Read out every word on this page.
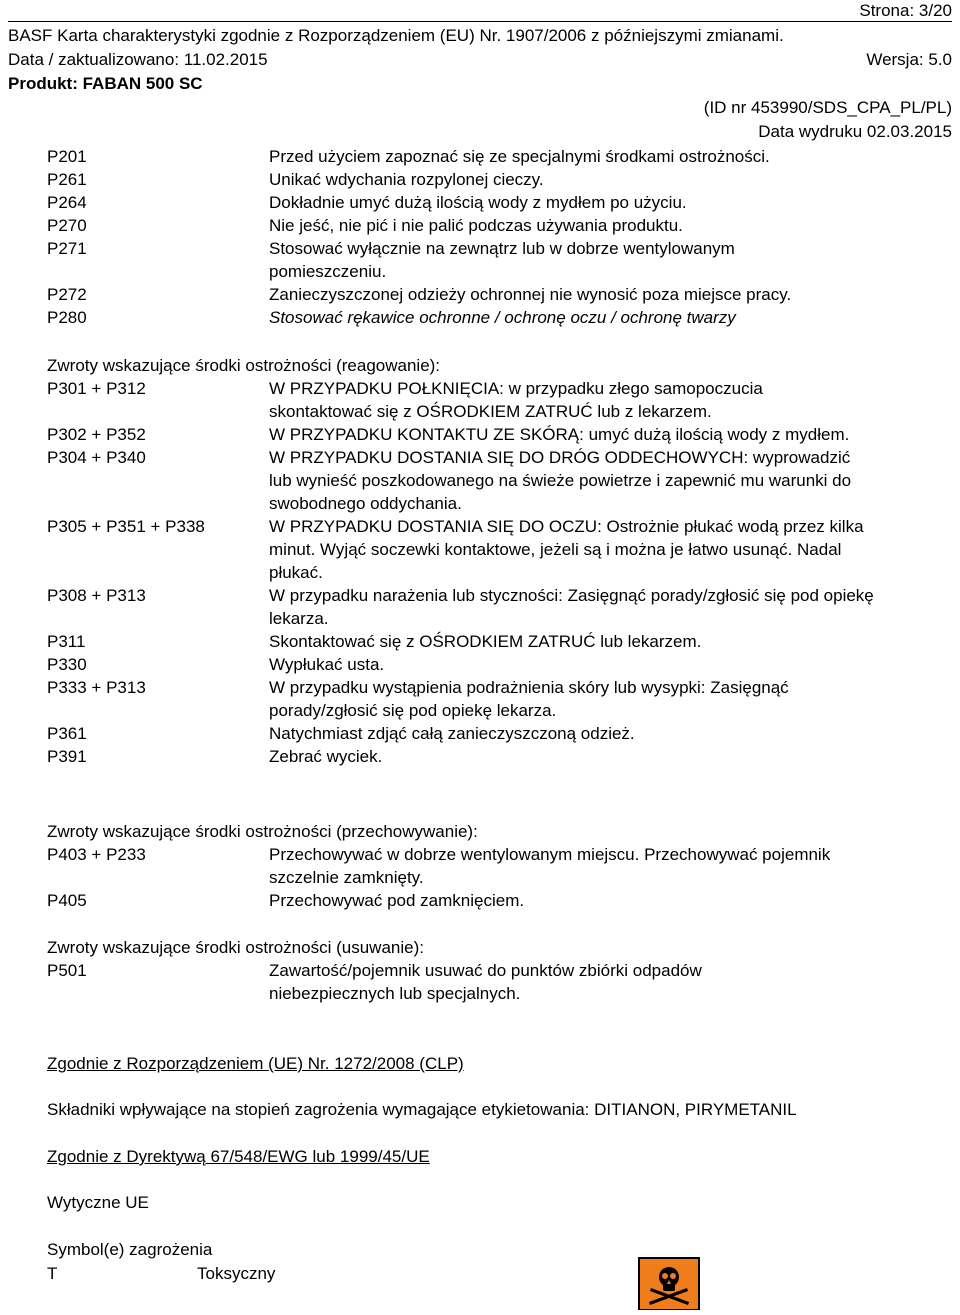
Strona: 3/20
BASF Karta charakterystyki zgodnie z Rozporządzeniem (EU) Nr. 1907/2006 z późniejszymi zmianami.
Data / zaktualizowano: 11.02.2015	Wersja: 5.0
Produkt: FABAN 500 SC
(ID nr 453990/SDS_CPA_PL/PL)
Data wydruku 02.03.2015
P201	Przed użyciem zapoznać się ze specjalnymi środkami ostrożności.
P261	Unikać wdychania rozpylonej cieczy.
P264	Dokładnie umyć dużą ilością wody z mydłem po użyciu.
P270	Nie jeść, nie pić i nie palić podczas używania produktu.
P271	Stosować wyłącznie na zewnątrz lub w dobrze wentylowanym pomieszczeniu.
P272	Zanieczyszczonej odzieży ochronnej nie wynosić poza miejsce pracy.
P280	Stosować rękawice ochronne / ochronę oczu / ochronę twarzy
Zwroty wskazujące środki ostrożności (reagowanie):
P301 + P312	W PRZYPADKU POŁKNIĘCIA: w przypadku złego samopoczucia skontaktować się z OŚRODKIEM ZATRUĆ lub z lekarzem.
P302 + P352	W PRZYPADKU KONTAKTU ZE SKÓRĄ: umyć dużą ilością wody z mydłem.
P304 + P340	W PRZYPADKU DOSTANIA SIĘ DO DRÓG ODDECHOWYCH: wyprowadzić lub wynieść poszkodowanego na świeże powietrze i zapewnić mu warunki do swobodnego oddychania.
P305 + P351 + P338	W PRZYPADKU DOSTANIA SIĘ DO OCZU: Ostrożnie płukać wodą przez kilka minut. Wyjąć soczewki kontaktowe, jeżeli są i można je łatwo usunąć. Nadal płukać.
P308 + P313	W przypadku narażenia lub styczności: Zasięgnąć porady/zgłosić się pod opiekę lekarza.
P311	Skontaktować się z OŚRODKIEM ZATRUĆ lub lekarzem.
P330	Wypłukać usta.
P333 + P313	W przypadku wystąpienia podrażnienia skóry lub wysypki: Zasięgnąć porady/zgłosić się pod opiekę lekarza.
P361	Natychmiast zdjąć całą zanieczyszczoną odzież.
P391	Zebrać wyciek.
Zwroty wskazujące środki ostrożności (przechowywanie):
P403 + P233	Przechowywać w dobrze wentylowanym miejscu. Przechowywać pojemnik szczelnie zamknięty.
P405	Przechowywać pod zamknięciem.
Zwroty wskazujące środki ostrożności (usuwanie):
P501	Zawartość/pojemnik usuwać do punktów zbiórki odpadów niebezpiecznych lub specjalnych.
Zgodnie z Rozporządzeniem (UE) Nr. 1272/2008 (CLP)
Składniki wpływające na stopień zagrożenia wymagające etykietowania: DITIANON, PIRYMETANIL
Zgodnie z Dyrektywą 67/548/EWG lub 1999/45/UE
Wytyczne UE
Symbol(e) zagrożenia
T	Toksyczny
